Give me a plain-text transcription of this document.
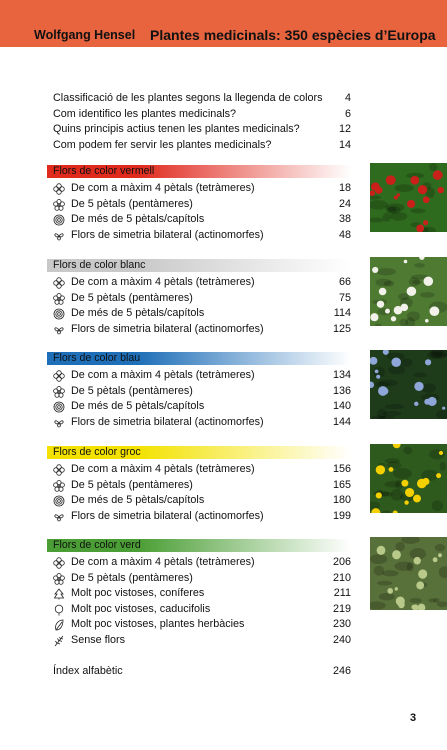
Wolfgang Hensel Plantes medicinals: 350 espècies d’Europa
Classificació de les plantes segons la llegenda de colors 4
Com identifico les plantes medicinals?	6
Quins principis actius tenen les plantes medicinals?	12
Com podem fer servir les plantes medicinals?	14
Flors de color vermell
De com a màxim 4 pètals (tetràmeres)	18
De 5 pètals (pentàmeres)	24
De més de 5 pètals/capítols	38
Flors de simetria bilateral (actinomorfes)	48
Flors de color blanc
De com a màxim 4 pètals (tetràmeres)	66
De 5 pètals (pentàmeres)	75
De més de 5 pètals/capítols	114
Flors de simetria bilateral (actinomorfes)	125
Flors de color blau
De com a màxim 4 pètals (tetràmeres)	134
De 5 pètals (pentàmeres)	136
De més de 5 pètals/capítols	140
Flors de simetria bilateral (actinomorfes)	144
Flors de color groc
De com a màxim 4 pètals (tetràmeres)	156
De 5 pètals (pentàmeres)	165
De més de 5 pètals/capítols	180
Flors de simetria bilateral (actinomorfes)	199
Flors de color verd
De com a màxim 4 pètals (tetràmeres)	206
De 5 pètals (pentàmeres)	210
Molt poc vistoses, coníferes	211
Molt poc vistoses, caducifolis	219
Molt poc vistoses, plantes herbàcies	230
Sense flors	240
Índex alfabètic	246
3
